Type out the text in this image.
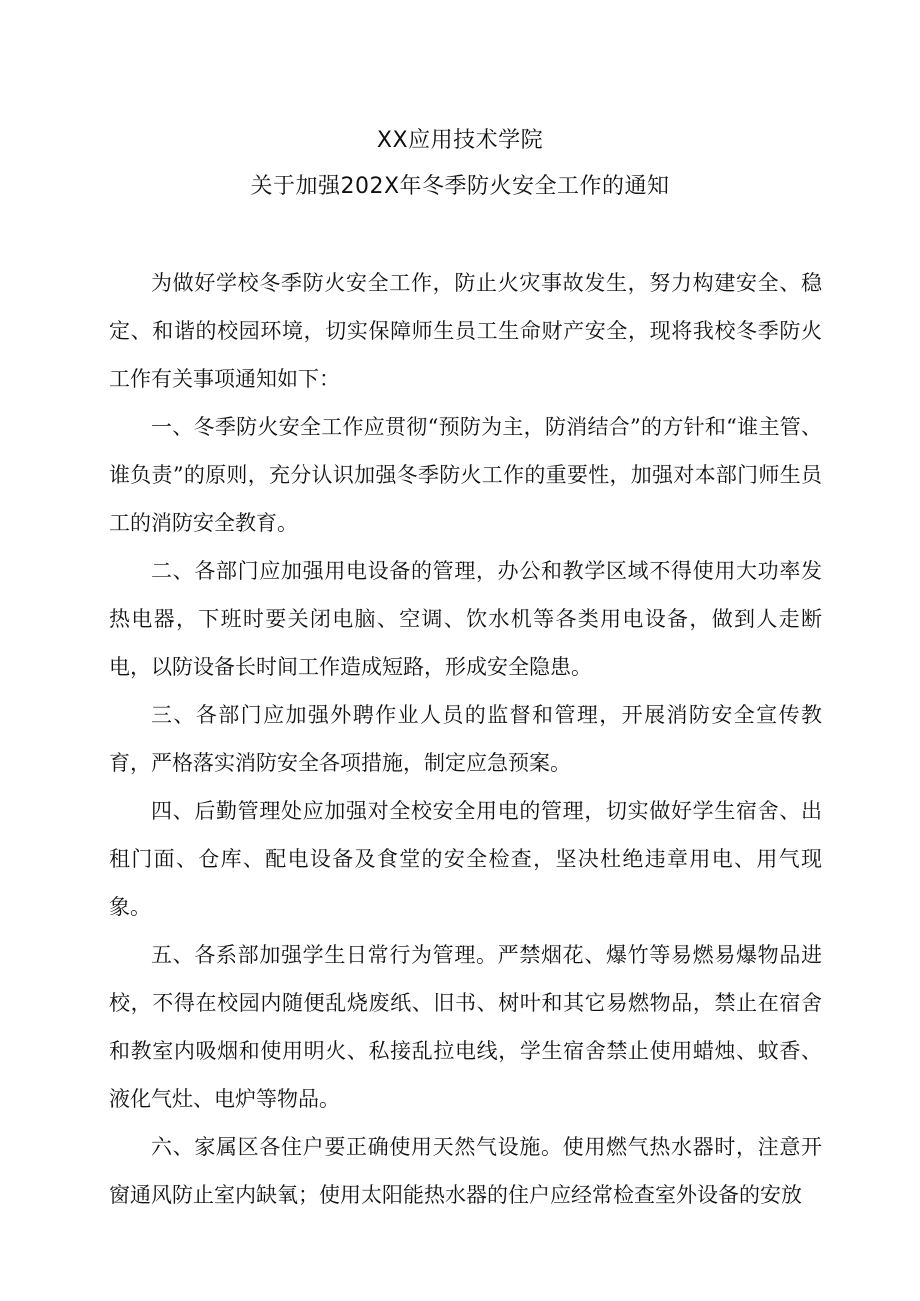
XX应用技术学院
关于加强202X年冬季防火安全工作的通知

为做好学校冬季防火安全工作，防止火灾事故发生，努力构建安全、稳定、和谐的校园环境，切实保障师生员工生命财产安全，现将我校冬季防火工作有关事项通知如下：

一、冬季防火安全工作应贯彻“预防为主，防消结合”的方针和“谁主管、谁负责”的原则，充分认识加强冬季防火工作的重要性，加强对本部门师生员工的消防安全教育。

二、各部门应加强用电设备的管理，办公和教学区域不得使用大功率发热电器，下班时要关闭电脑、空调、饮水机等各类用电设备，做到人走断电，以防设备长时间工作造成短路，形成安全隐患。

三、各部门应加强外聘作业人员的监督和管理，开展消防安全宣传教育，严格落实消防安全各项措施，制定应急预案。

四、后勤管理处应加强对全校安全用电的管理，切实做好学生宿舍、出租门面、仓库、配电设备及食堂的安全检查，坚决杜绝违章用电、用气现象。

五、各系部加强学生日常行为管理。严禁烟花、爆竹等易燃易爆物品进校，不得在校园内随便乱烧废纸、旧书、树叶和其它易燃物品，禁止在宿舍和教室内吸烟和使用明火、私接乱拉电线，学生宿舍禁止使用蜡烛、蚊香、液化气灶、电炉等物品。

六、家属区各住户要正确使用天然气设施。使用燃气热水器时，注意开窗通风防止室内缺氧；使用太阳能热水器的住户应经常检查室外设备的安放
